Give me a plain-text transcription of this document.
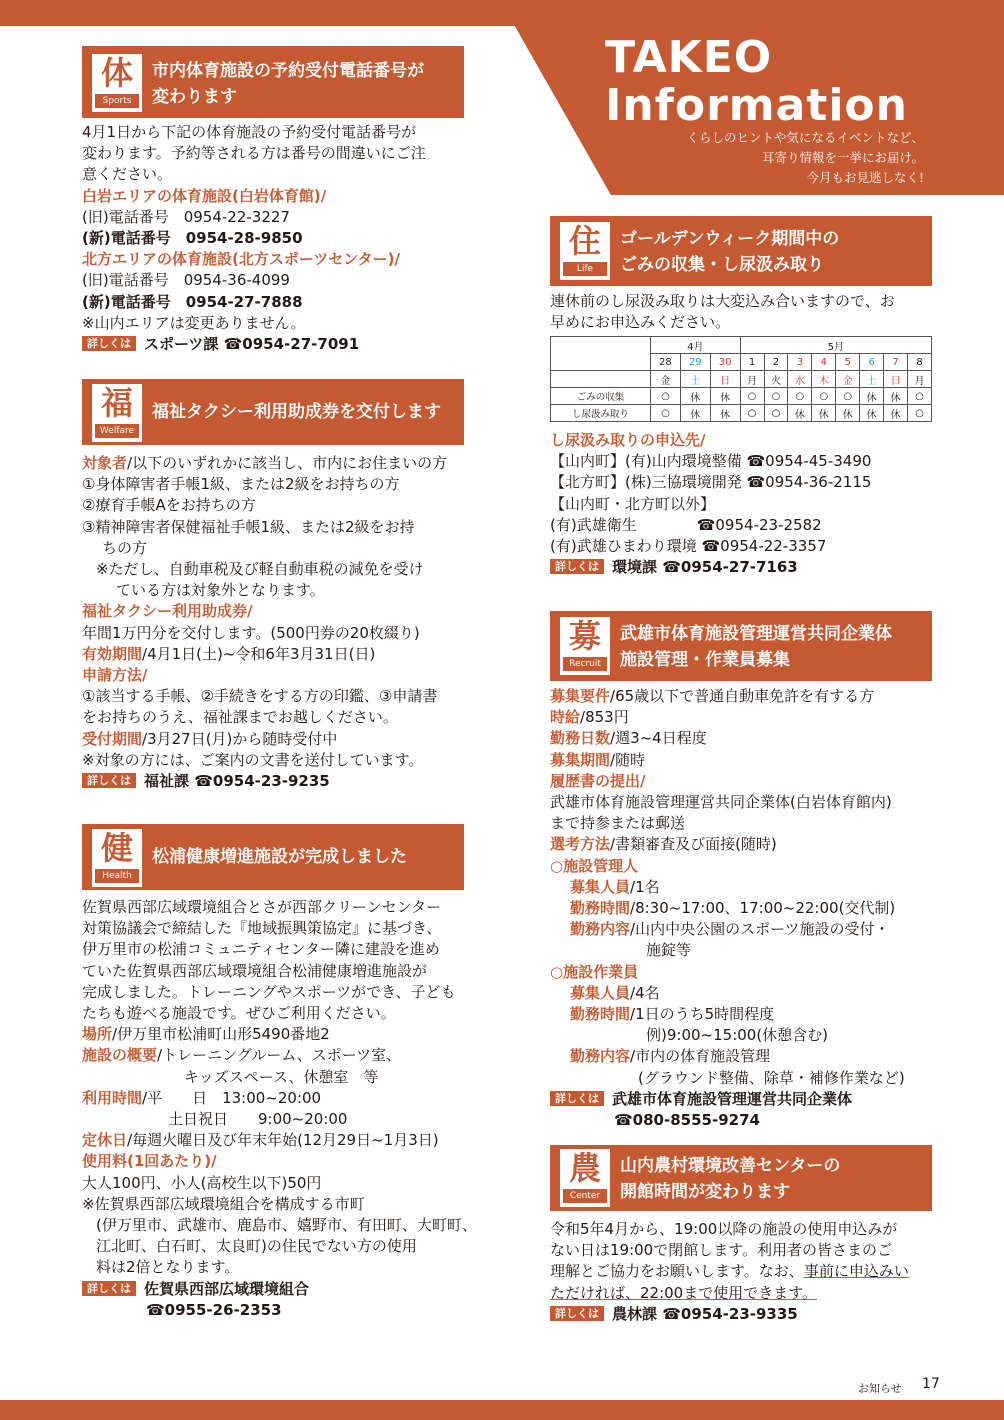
TAKEO
Information
くらしのヒントや気になるイベントなど、
耳寄り情報を一挙にお届け。
今月もお見逃しなく!
体
Sports
市内体育施設の予約受付電話番号が
変わります
4月1日から下記の体育施設の予約受付電話番号が
変わります。予約等される方は番号の間違いにご注
意ください。
白岩エリアの体育施設(白岩体育館)/
(旧)電話番号　0954-22-3227
(新)電話番号　0954-28-9850
北方エリアの体育施設(北方スポーツセンター)/
(旧)電話番号　0954-36-4099
(新)電話番号　0954-27-7888
※山内エリアは変更ありません。
詳しくは スポーツ課 ☎0954-27-7091
福
Welfare
福祉タクシー利用助成券を交付します
対象者/以下のいずれかに該当し、市内にお住まいの方
①身体障害者手帳1級、または2級をお持ちの方
②療育手帳Aをお持ちの方
③精神障害者保健福祉手帳1級、または2級をお持
ちの方
※ただし、自動車税及び軽自動車税の減免を受け
ている方は対象外となります。
福祉タクシー利用助成券/
年間1万円分を交付します。(500円券の20枚綴り)
有効期間/4月1日(土)~令和6年3月31日(日)
申請方法/
①該当する手帳、②手続きをする方の印鑑、③申請書
をお持ちのうえ、福祉課までお越しください。
受付期間/3月27日(月)から随時受付中
※対象の方には、ご案内の文書を送付しています。
詳しくは 福祉課 ☎0954-23-9235
健
Health
松浦健康増進施設が完成しました
佐賀県西部広域環境組合とさが西部クリーンセンター
対策協議会で締結した『地域振興策協定』に基づき、
伊万里市の松浦コミュニティセンター隣に建設を進め
ていた佐賀県西部広域環境組合松浦健康増進施設が
完成しました。トレーニングやスポーツができ、子ども
たちも遊べる施設です。ぜひご利用ください。
場所/伊万里市松浦町山形5490番地2
施設の概要/トレーニングルーム、スポーツ室、
キッズスペース、休憩室　等
利用時間/平　　日　13:00~20:00
土日祝日　　9:00~20:00
定休日/毎週火曜日及び年末年始(12月29日~1月3日)
使用料(1回あたり)/
大人100円、小人(高校生以下)50円
※佐賀県西部広域環境組合を構成する市町
(伊万里市、武雄市、鹿島市、嬉野市、有田町、大町町、
江北町、白石町、太良町)の住民でない方の使用
料は2倍となります。
詳しくは 佐賀県西部広域環境組合
☎0955-26-2353
住
Life
ゴールデンウィーク期間中の
ごみの収集・し尿汲み取り
連休前のし尿汲み取りは大変込み合いますので、お
早めにお申込みください。
	4月			5月							
	28	29	30	1	2	3	4	5	6	7	8
	金	土	日	月	火	水	木	金	土	日	月
ごみの収集	○	休	休	○	○	○	○	○	休	休	○
し尿汲み取り	○	休	休	○	○	休	休	休	休	休	○
し尿汲み取りの申込先/
【山内町】(有)山内環境整備 ☎0954-45-3490
【北方町】(株)三協環境開発 ☎0954-36-2115
【山内町・北方町以外】
(有)武雄衛生　　　　☎0954-23-2582
(有)武雄ひまわり環境 ☎0954-22-3357
詳しくは 環境課 ☎0954-27-7163
募
Recruit
武雄市体育施設管理運営共同企業体
施設管理・作業員募集
募集要件/65歳以下で普通自動車免許を有する方
時給/853円
勤務日数/週3~4日程度
募集期間/随時
履歴書の提出/
武雄市体育施設管理運営共同企業体(白岩体育館内)
まで持参または郵送
選考方法/書類審査及び面接(随時)
○施設管理人
募集人員/1名
勤務時間/8:30~17:00、17:00~22:00(交代制)
勤務内容/山内中央公園のスポーツ施設の受付・
施錠等
○施設作業員
募集人員/4名
勤務時間/1日のうち5時間程度
例)9:00~15:00(休憩含む)
勤務内容/市内の体育施設管理
(グラウンド整備、除草・補修作業など)
詳しくは 武雄市体育施設管理運営共同企業体
☎080-8555-9274
農
Center
山内農村環境改善センターの
開館時間が変わります
令和5年4月から、19:00以降の施設の使用申込みが
ない日は19:00で閉館します。利用者の皆さまのご
理解とご協力をお願いします。なお、事前に申込みい
ただければ、22:00まで使用できます。
詳しくは 農林課 ☎0954-23-9335
お知らせ 17
